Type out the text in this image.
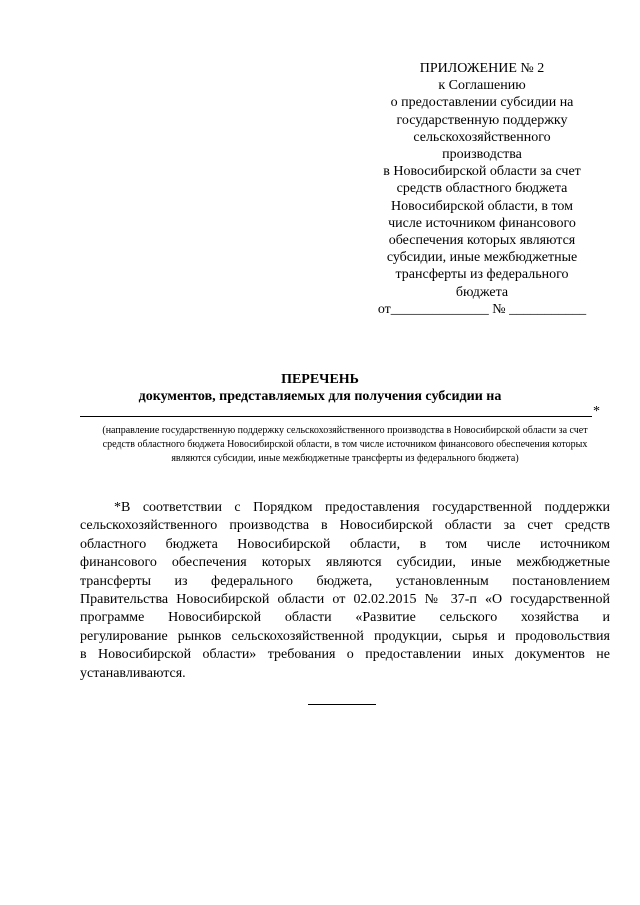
ПРИЛОЖЕНИЕ № 2
к Соглашению
о предоставлении субсидии на
государственную поддержку
сельскохозяйственного
производства
в Новосибирской области за счет
средств областного бюджета
Новосибирской области, в том
числе источником финансового
обеспечения которых являются
субсидии, иные межбюджетные
трансферты из федерального
бюджета
от______________ № ___________
ПЕРЕЧЕНЬ
документов, представляемых для получения субсидии на
*
(направление государственную поддержку сельскохозяйственного производства в Новосибирской области за счет
средств областного бюджета Новосибирской области, в том числе источником финансового обеспечения которых
являются субсидии, иные межбюджетные трансферты из федерального бюджета)
*В соответствии с Порядком предоставления государственной поддержки
сельскохозяйственного производства в Новосибирской области за счет средств
областного бюджета Новосибирской области, в том числе источником
финансового обеспечения которых являются субсидии, иные межбюджетные
трансферты из федерального бюджета, установленным постановлением
Правительства Новосибирской области от 02.02.2015 № 37-п «О государственной
программе Новосибирской области «Развитие сельского хозяйства и
регулирование рынков сельскохозяйственной продукции, сырья и продовольствия
в Новосибирской области» требования о предоставлении иных документов не
устанавливаются.
